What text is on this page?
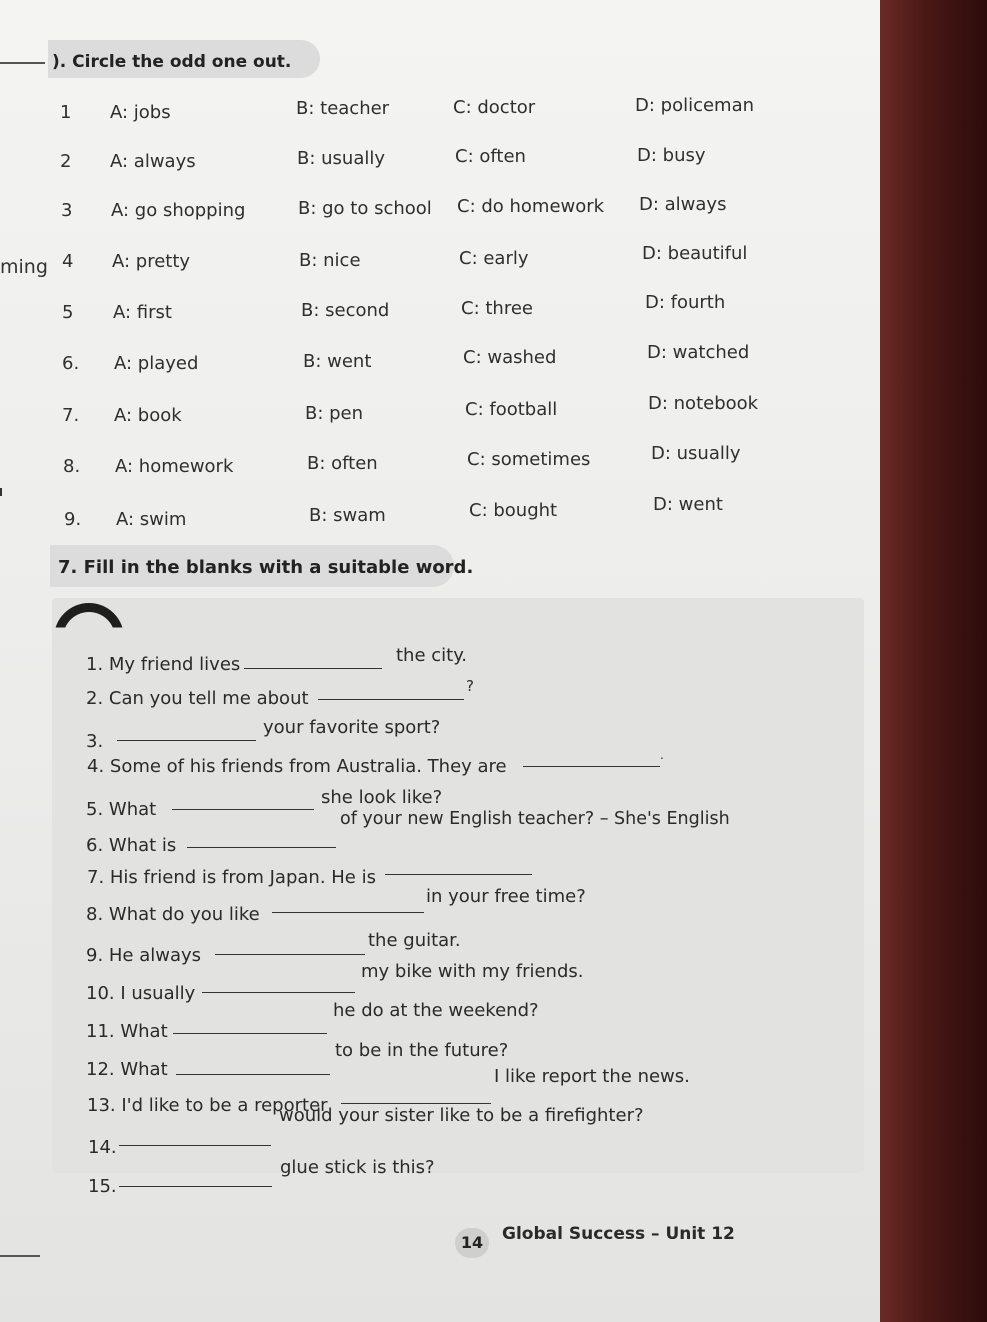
ming
). Circle the odd one out.
1 A: jobs	B: teacher	C: doctor	D: policeman
2 A: always	B: usually	C: often	D: busy
3 A: go shopping	B: go to school C: do homework D: always
4 A: pretty	B: nice	C: early	D: beautiful
5 A: first	B: second	C: three	D: fourth
6. A: played	B: went	C: washed	D: watched
7. A: book	B: pen	C: football	D: notebook
8. A: homework	B: often	C: sometimes	D: usually
9. A: swim	B: swam	C: bought	D: went
7. Fill in the blanks with a suitable word.
1. My friend lives	the city.
2. Can you tell me about
?
3.
your favorite sport?
4. Some of his friends from Australia. They are
.
5. What
she look like?
6. What is
of your new English teacher? – She's English
7. His friend is from Japan. He is
8. What do you like
in your free time?
9. He always
the guitar.
10. I usually
my bike with my friends.
11. What
he do at the weekend?
12. What
to be in the future?
13. I'd like to be a reporter
I like report the news.
14.
would your sister like to be a firefighter?
15.
glue stick is this?
14	Global Success – Unit 12
